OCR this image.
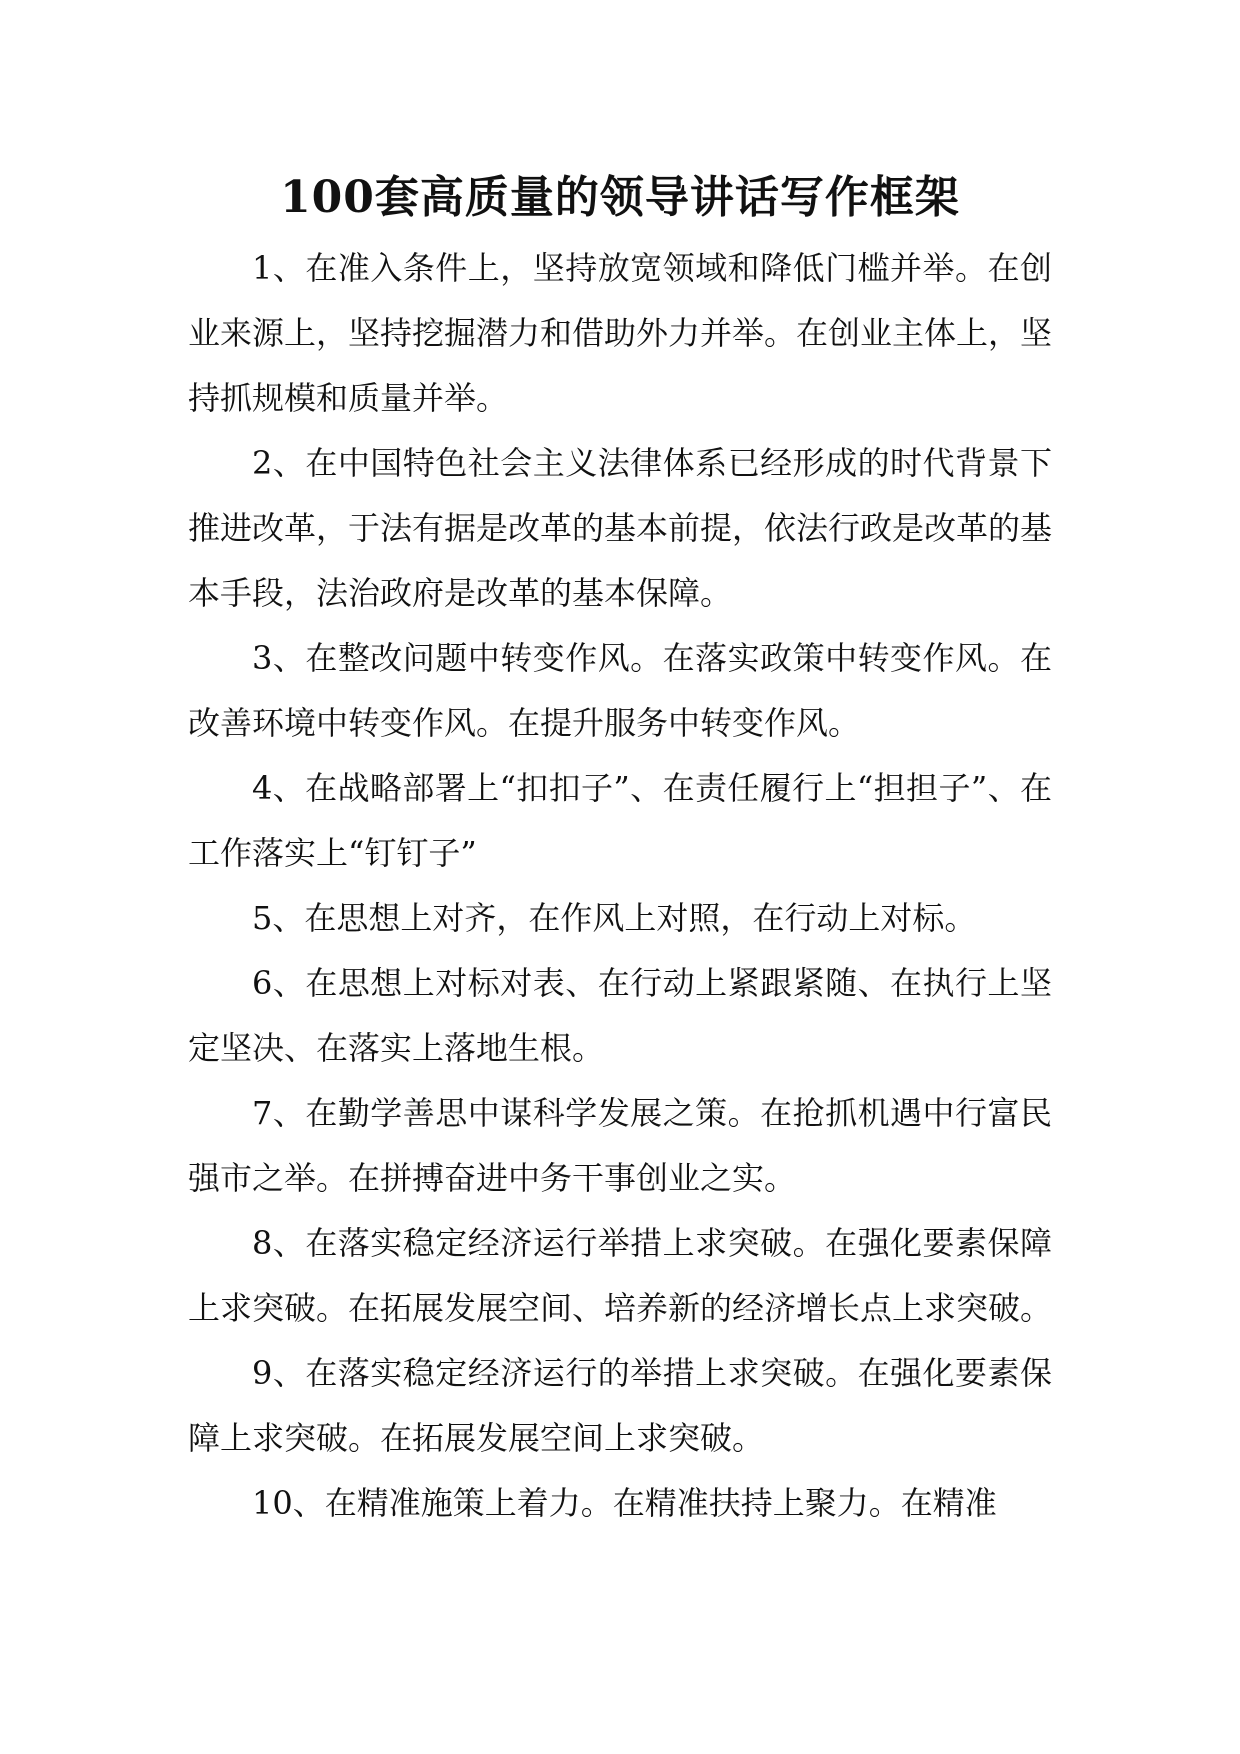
100套高质量的领导讲话写作框架

1、在准入条件上，坚持放宽领域和降低门槛并举。在创业来源上，坚持挖掘潜力和借助外力并举。在创业主体上，坚持抓规模和质量并举。

2、在中国特色社会主义法律体系已经形成的时代背景下推进改革，于法有据是改革的基本前提，依法行政是改革的基本手段，法治政府是改革的基本保障。

3、在整改问题中转变作风。在落实政策中转变作风。在改善环境中转变作风。在提升服务中转变作风。

4、在战略部署上“扣扣子”、在责任履行上“担担子”、在工作落实上“钉钉子”

5、在思想上对齐，在作风上对照，在行动上对标。

6、在思想上对标对表、在行动上紧跟紧随、在执行上坚定坚决、在落实上落地生根。

7、在勤学善思中谋科学发展之策。在抢抓机遇中行富民强市之举。在拼搏奋进中务干事创业之实。

8、在落实稳定经济运行举措上求突破。在强化要素保障上求突破。在拓展发展空间、培养新的经济增长点上求突破。

9、在落实稳定经济运行的举措上求突破。在强化要素保障上求突破。在拓展发展空间上求突破。

10、在精准施策上着力。在精准扶持上聚力。在精准
